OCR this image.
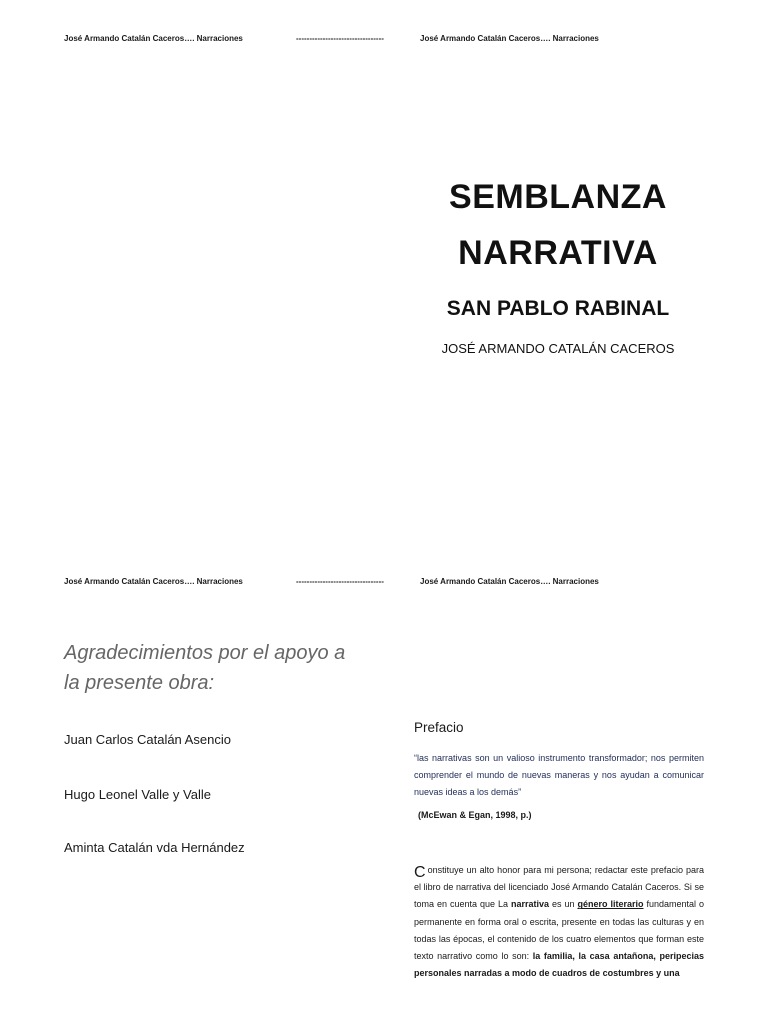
José Armando Catalán Caceros…. Narraciones	---------------------------------	José Armando Catalán Caceros…. Narraciones
SEMBLANZA
NARRATIVA
SAN PABLO RABINAL
JOSÉ ARMANDO CATALÁN CACEROS
José Armando Catalán Caceros…. Narraciones	---------------------------------	José Armando Catalán Caceros…. Narraciones
Agradecimientos por el apoyo a
la presente obra:
Juan Carlos Catalán Asencio
Hugo Leonel Valle y Valle
Aminta Catalán vda Hernández
Prefacio
“las narrativas son un valioso instrumento transformador; nos permiten comprender el mundo de nuevas maneras y nos ayudan a comunicar nuevas ideas a los demás”
(McEwan & Egan, 1998, p.)
Constituye un alto honor para mi persona; redactar este prefacio para el libro de narrativa del licenciado José Armando Catalán Caceros. Si se toma en cuenta que La narrativa es un género literario fundamental o permanente en forma oral o escrita, presente en todas las culturas y en todas las épocas, el contenido de los cuatro elementos que forman este texto narrativo como lo son: la familia, la casa antañona, peripecias personales narradas a modo de cuadros de costumbres y una
